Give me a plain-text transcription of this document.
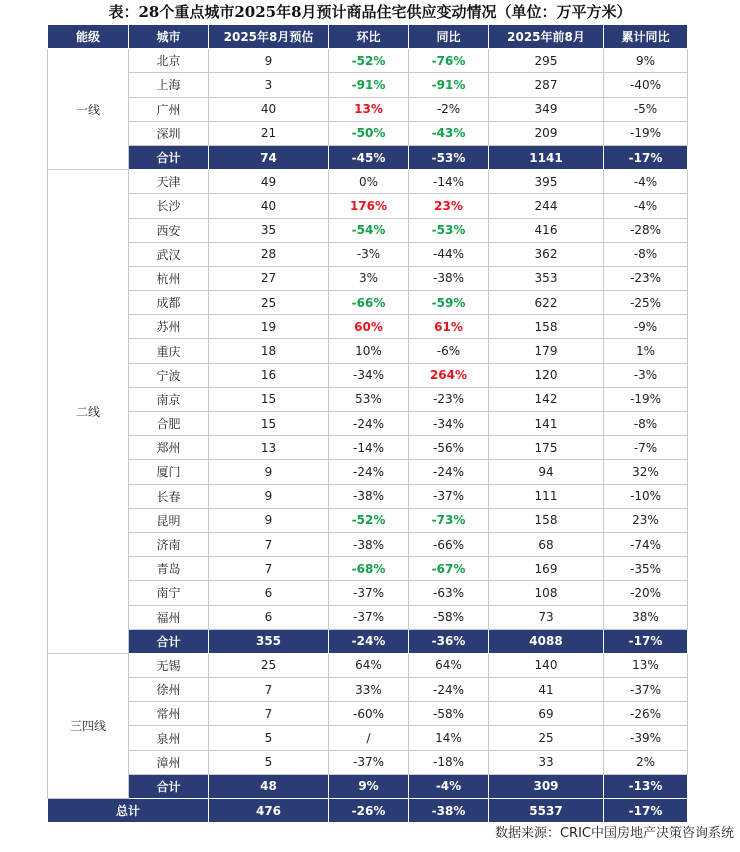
表：28个重点城市2025年8月预计商品住宅供应变动情况（单位：万平方米）
能级	城市	2025年8月预估	环比	同比	2025年前8月	累计同比
一线	北京	9	-52%	-76%	295	9%
	上海	3	-91%	-91%	287	-40%
	广州	40	13%	-2%	349	-5%
	深圳	21	-50%	-43%	209	-19%
	合计	74	-45%	-53%	1141	-17%
二线	天津	49	0%	-14%	395	-4%
	长沙	40	176%	23%	244	-4%
	西安	35	-54%	-53%	416	-28%
	武汉	28	-3%	-44%	362	-8%
	杭州	27	3%	-38%	353	-23%
	成都	25	-66%	-59%	622	-25%
	苏州	19	60%	61%	158	-9%
	重庆	18	10%	-6%	179	1%
	宁波	16	-34%	264%	120	-3%
	南京	15	53%	-23%	142	-19%
	合肥	15	-24%	-34%	141	-8%
	郑州	13	-14%	-56%	175	-7%
	厦门	9	-24%	-24%	94	32%
	长春	9	-38%	-37%	111	-10%
	昆明	9	-52%	-73%	158	23%
	济南	7	-38%	-66%	68	-74%
	青岛	7	-68%	-67%	169	-35%
	南宁	6	-37%	-63%	108	-20%
	福州	6	-37%	-58%	73	38%
	合计	355	-24%	-36%	4088	-17%
三四线	无锡	25	64%	64%	140	13%
	徐州	7	33%	-24%	41	-37%
	常州	7	-60%	-58%	69	-26%
	泉州	5	/	14%	25	-39%
	漳州	5	-37%	-18%	33	2%
	合计	48	9%	-4%	309	-13%
总计		476	-26%	-38%	5537	-17%
数据来源：CRIC中国房地产决策咨询系统
